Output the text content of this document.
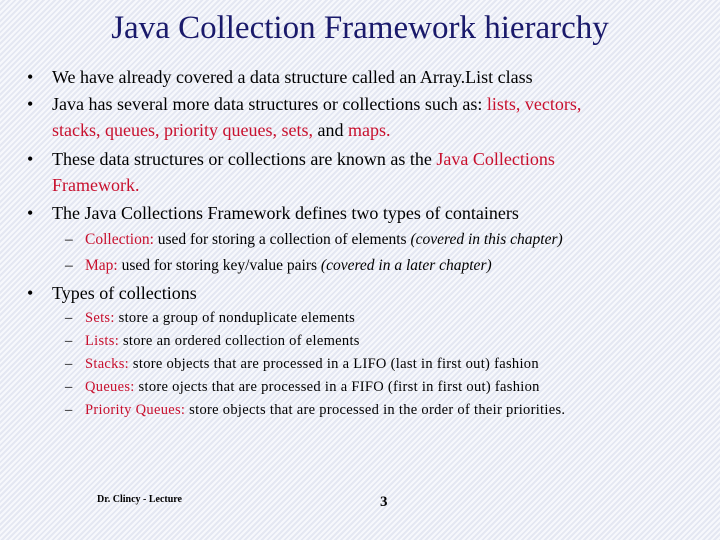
Java Collection Framework hierarchy
• We have already covered a data structure called an Array.List class
• Java has several more data structures or collections such as: lists, vectors,
stacks, queues, priority queues, sets, and maps.
• These data structures or collections are known as the Java Collections
Framework.
• The Java Collections Framework defines two types of containers
– Collection: used for storing a collection of elements (covered in this chapter)
– Map: used for storing key/value pairs (covered in a later chapter)
• Types of collections
– Sets: store a group of nonduplicate elements
– Lists: store an ordered collection of elements
– Stacks: store objects that are processed in a LIFO (last in first out) fashion
– Queues: store ojects that are processed in a FIFO (first in first out) fashion
– Priority Queues: store objects that are processed in the order of their priorities.
Dr. Clincy - Lecture	3
